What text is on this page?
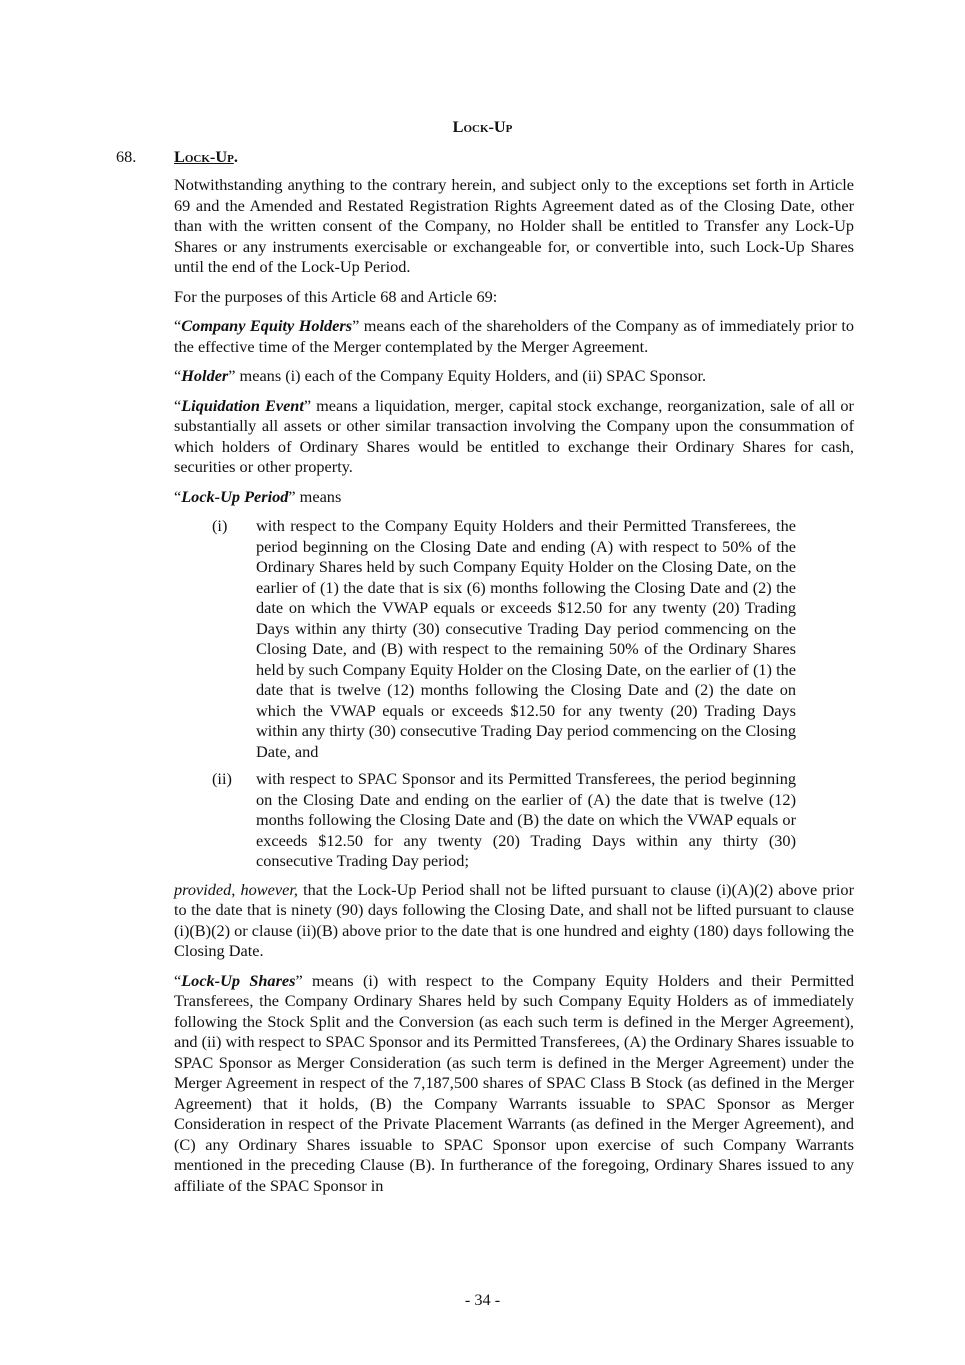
Lock-Up
68. Lock-Up.

Notwithstanding anything to the contrary herein, and subject only to the exceptions set forth in Article 69 and the Amended and Restated Registration Rights Agreement dated as of the Closing Date, other than with the written consent of the Company, no Holder shall be entitled to Transfer any Lock-Up Shares or any instruments exercisable or exchangeable for, or convertible into, such Lock-Up Shares until the end of the Lock-Up Period.

For the purposes of this Article 68 and Article 69:

“Company Equity Holders” means each of the shareholders of the Company as of immediately prior to the effective time of the Merger contemplated by the Merger Agreement.

“Holder” means (i) each of the Company Equity Holders, and (ii) SPAC Sponsor.

“Liquidation Event” means a liquidation, merger, capital stock exchange, reorganization, sale of all or substantially all assets or other similar transaction involving the Company upon the consummation of which holders of Ordinary Shares would be entitled to exchange their Ordinary Shares for cash, securities or other property.

“Lock-Up Period” means

(i) with respect to the Company Equity Holders and their Permitted Transferees, the period beginning on the Closing Date and ending (A) with respect to 50% of the Ordinary Shares held by such Company Equity Holder on the Closing Date, on the earlier of (1) the date that is six (6) months following the Closing Date and (2) the date on which the VWAP equals or exceeds $12.50 for any twenty (20) Trading Days within any thirty (30) consecutive Trading Day period commencing on the Closing Date, and (B) with respect to the remaining 50% of the Ordinary Shares held by such Company Equity Holder on the Closing Date, on the earlier of (1) the date that is twelve (12) months following the Closing Date and (2) the date on which the VWAP equals or exceeds $12.50 for any twenty (20) Trading Days within any thirty (30) consecutive Trading Day period commencing on the Closing Date, and
(ii) with respect to SPAC Sponsor and its Permitted Transferees, the period beginning on the Closing Date and ending on the earlier of (A) the date that is twelve (12) months following the Closing Date and (B) the date on which the VWAP equals or exceeds $12.50 for any twenty (20) Trading Days within any thirty (30) consecutive Trading Day period;

provided, however, that the Lock-Up Period shall not be lifted pursuant to clause (i)(A)(2) above prior to the date that is ninety (90) days following the Closing Date, and shall not be lifted pursuant to clause (i)(B)(2) or clause (ii)(B) above prior to the date that is one hundred and eighty (180) days following the Closing Date.

“Lock-Up Shares” means (i) with respect to the Company Equity Holders and their Permitted Transferees, the Company Ordinary Shares held by such Company Equity Holders as of immediately following the Stock Split and the Conversion (as each such term is defined in the Merger Agreement), and (ii) with respect to SPAC Sponsor and its Permitted Transferees, (A) the Ordinary Shares issuable to SPAC Sponsor as Merger Consideration (as such term is defined in the Merger Agreement) under the Merger Agreement in respect of the 7,187,500 shares of SPAC Class B Stock (as defined in the Merger Agreement) that it holds, (B) the Company Warrants issuable to SPAC Sponsor as Merger Consideration in respect of the Private Placement Warrants (as defined in the Merger Agreement), and (C) any Ordinary Shares issuable to SPAC Sponsor upon exercise of such Company Warrants mentioned in the preceding Clause (B). In furtherance of the foregoing, Ordinary Shares issued to any affiliate of the SPAC Sponsor in

- 34 -
